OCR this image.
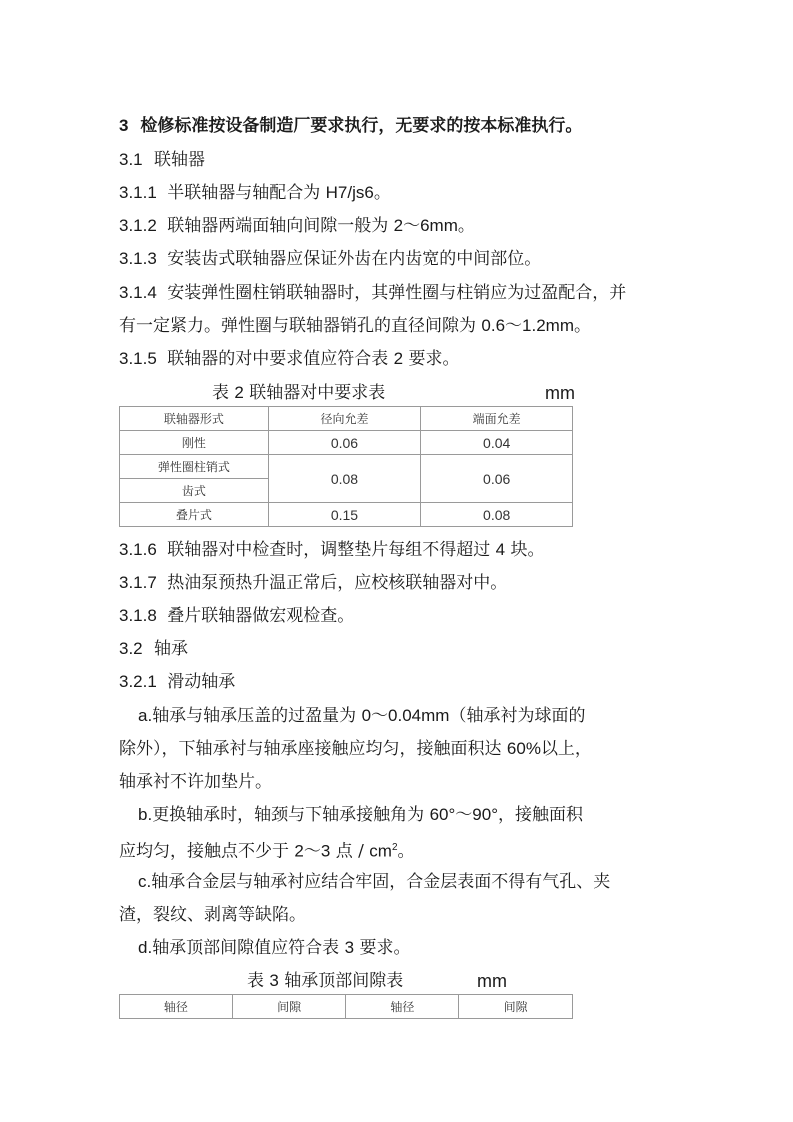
3 检修标准按设备制造厂要求执行，无要求的按本标准执行。
3.1 联轴器
3.1.1 半联轴器与轴配合为 H7/js6。
3.1.2 联轴器两端面轴向间隙一般为 2～6mm。
3.1.3 安装齿式联轴器应保证外齿在内齿宽的中间部位。
3.1.4 安装弹性圈柱销联轴器时，其弹性圈与柱销应为过盈配合，并
有一定紧力。弹性圈与联轴器销孔的直径间隙为 0.6～1.2mm。
3.1.5 联轴器的对中要求值应符合表 2 要求。
表 2 联轴器对中要求表	mm
联轴器形式	径向允差	端面允差
刚性	0.06	0.04
弹性圈柱销式	0.08	0.06
齿式		
叠片式	0.15	0.08
3.1.6 联轴器对中检查时，调整垫片每组不得超过 4 块。
3.1.7 热油泵预热升温正常后，应校核联轴器对中。
3.1.8 叠片联轴器做宏观检查。
3.2 轴承
3.2.1 滑动轴承
a.轴承与轴承压盖的过盈量为 0～0.04mm（轴承衬为球面的
除外），下轴承衬与轴承座接触应均匀，接触面积达 60%以上，
轴承衬不许加垫片。
b.更换轴承时，轴颈与下轴承接触角为 60°～90°，接触面积
应均匀，接触点不少于 2～3 点 / $cm^2$。
c.轴承合金层与轴承衬应结合牢固，合金层表面不得有气孔、夹
渣，裂纹、剥离等缺陷。
d.轴承顶部间隙值应符合表 3 要求。
表 3 轴承顶部间隙表	mm
轴径	间隙	轴径	间隙
